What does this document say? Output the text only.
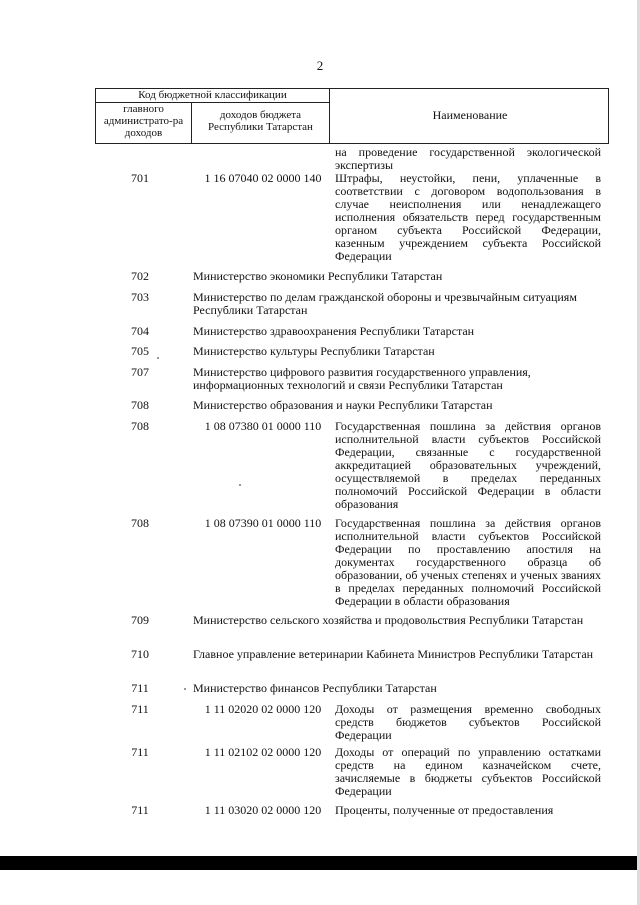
2
Код бюджетной классификации
главного администрато-ра доходов
доходов бюджета Республики Татарстан
Наименование
на проведение государственной экологической экспертизы
701	1 16 07040 02 0000 140	Штрафы, неустойки, пени, уплаченные в соответствии с договором водопользования в случае неисполнения или ненадлежащего исполнения обязательств перед государственным органом субъекта Российской Федерации, казенным учреждением субъекта Российской Федерации
702	Министерство экономики Республики Татарстан
703	Министерство по делам гражданской обороны и чрезвычайным ситуациям Республики Татарстан
704	Министерство здравоохранения Республики Татарстан
705	Министерство культуры Республики Татарстан
707	Министерство цифрового развития государственного управления, информационных технологий и связи Республики Татарстан
708	Министерство образования и науки Республики Татарстан
708	1 08 07380 01 0000 110	Государственная пошлина за действия органов исполнительной власти субъектов Российской Федерации, связанные с государственной аккредитацией образовательных учреждений, осуществляемой в пределах переданных полномочий Российской Федерации в области образования
708	1 08 07390 01 0000 110	Государственная пошлина за действия органов исполнительной власти субъектов Российской Федерации по проставлению апостиля на документах государственного образца об образовании, об ученых степенях и ученых званиях в пределах переданных полномочий Российской Федерации в области образования
709	Министерство сельского хозяйства и продовольствия Республики Татарстан
710	Главное управление ветеринарии Кабинета Министров Республики Татарстан
711	Министерство финансов Республики Татарстан
711	1 11 02020 02 0000 120	Доходы от размещения временно свободных средств бюджетов субъектов Российской Федерации
711	1 11 02102 02 0000 120	Доходы от операций по управлению остатками средств на едином казначейском счете, зачисляемые в бюджеты субъектов Российской Федерации
711	1 11 03020 02 0000 120	Проценты, полученные от предоставления
